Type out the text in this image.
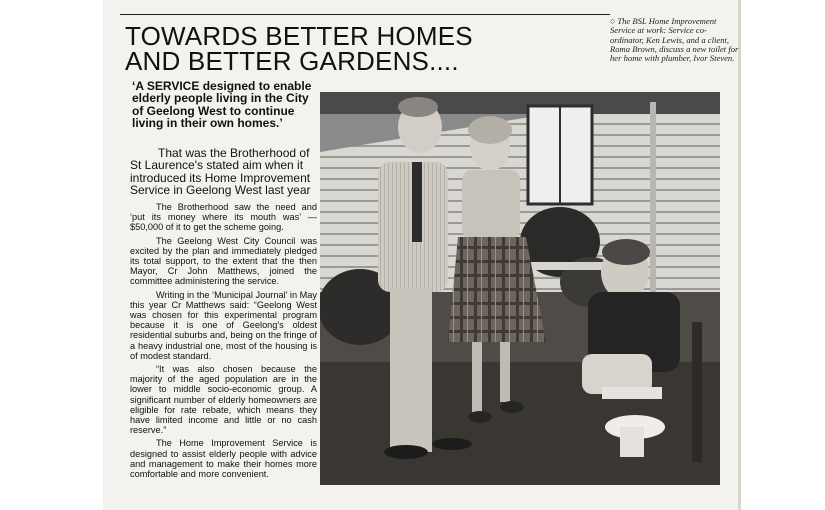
TOWARDS BETTER HOMES AND BETTER GARDENS....

‘A SERVICE designed to enable elderly people living in the City of Geelong West to continue living in their own homes.’

That was the Brotherhood of St Laurence's stated aim when it introduced its Home Improvement Service in Geelong West last year

The Brotherhood saw the need and ‘put its money where its mouth was’ — $50,000 of it to get the scheme going.

The Geelong West City Council was excited by the plan and immediately pledged its total support, to the extent that the then Mayor, Cr John Matthews, joined the committee administering the service.

Writing in the ‘Municipal Journal’ in May this year Cr Matthews said: “Geelong West was chosen for this experimental program because it is one of Geelong's oldest residential suburbs and, being on the fringe of a heavy industrial one, most of the housing is of modest standard.

“It was also chosen because the majority of the aged population are in the lower to middle socio-economic group. A significant number of elderly homeowners are eligible for rate rebate, which means they have limited income and little or no cash reserve.”

The Home Improvement Service is designed to assist elderly people with advice and management to make their homes more comfortable and more convenient.

○ The BSL Home Improvement Service at work: Service co-ordinator, Ken Lewis, and a client, Roma Brown, discuss a new toilet for her home with plumber, Ivor Steven.
